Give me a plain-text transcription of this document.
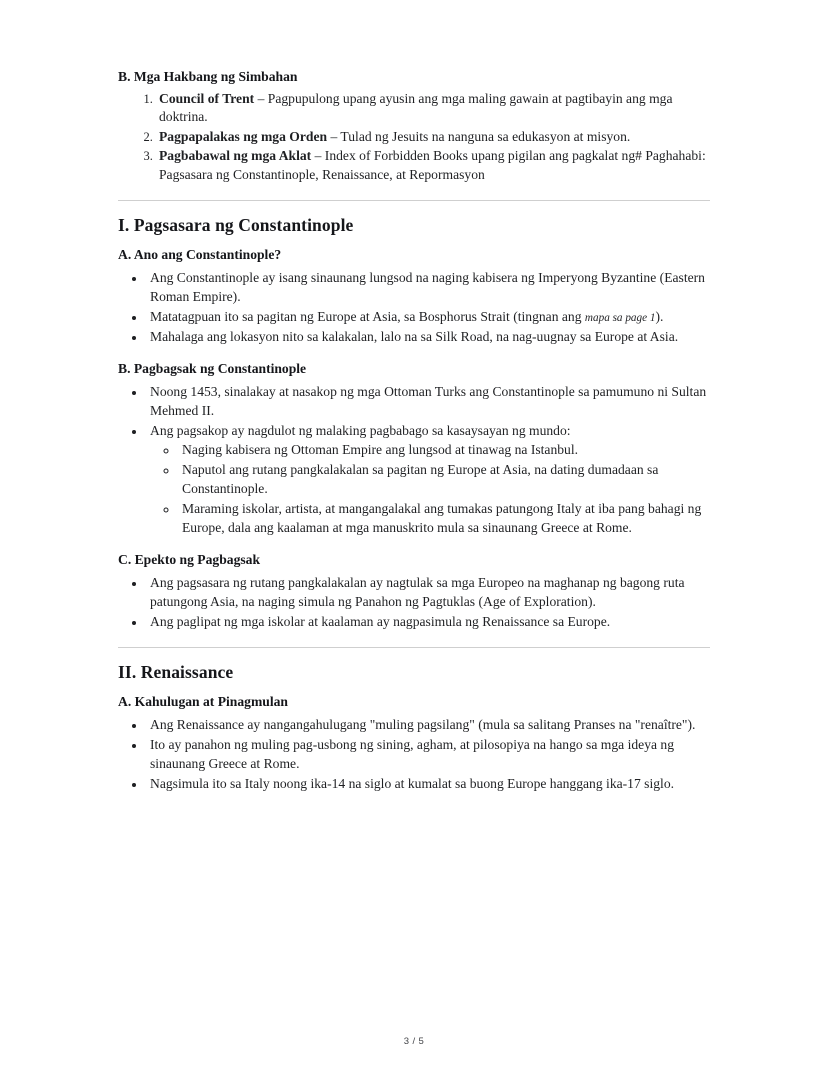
B. Mga Hakbang ng Simbahan
1. Council of Trent – Pagpupulong upang ayusin ang mga maling gawain at pagtibayin ang mga doktrina.
2. Pagpapalakas ng mga Orden – Tulad ng Jesuits na nanguna sa edukasyon at misyon.
3. Pagbabawal ng mga Aklat – Index of Forbidden Books upang pigilan ang pagkalat ng# Paghahabi: Pagsasara ng Constantinople, Renaissance, at Repormasyon
I. Pagsasara ng Constantinople
A. Ano ang Constantinople?
• Ang Constantinople ay isang sinaunang lungsod na naging kabisera ng Imperyong Byzantine (Eastern Roman Empire).
• Matatagpuan ito sa pagitan ng Europe at Asia, sa Bosphorus Strait (tingnan ang mapa sa page 1).
• Mahalaga ang lokasyon nito sa kalakalan, lalo na sa Silk Road, na nag-uugnay sa Europe at Asia.
B. Pagbagsak ng Constantinople
• Noong 1453, sinalakay at nasakop ng mga Ottoman Turks ang Constantinople sa pamumuno ni Sultan Mehmed II.
• Ang pagsakop ay nagdulot ng malaking pagbabago sa kasaysayan ng mundo:
◦ Naging kabisera ng Ottoman Empire ang lungsod at tinawag na Istanbul.
◦ Naputol ang rutang pangkalakalan sa pagitan ng Europe at Asia, na dating dumadaan sa Constantinople.
◦ Maraming iskolar, artista, at mangangalakal ang tumakas patungong Italy at iba pang bahagi ng Europe, dala ang kaalaman at mga manuskrito mula sa sinaunang Greece at Rome.
C. Epekto ng Pagbagsak
• Ang pagsasara ng rutang pangkalakalan ay nagtulak sa mga Europeo na maghanap ng bagong ruta patungong Asia, na naging simula ng Panahon ng Pagtuklas (Age of Exploration).
• Ang paglipat ng mga iskolar at kaalaman ay nagpasimula ng Renaissance sa Europe.
II. Renaissance
A. Kahulugan at Pinagmulan
• Ang Renaissance ay nangangahulugang "muling pagsilang" (mula sa salitang Pranses na "renaître").
• Ito ay panahon ng muling pag-usbong ng sining, agham, at pilosopiya na hango sa mga ideya ng sinaunang Greece at Rome.
• Nagsimula ito sa Italy noong ika-14 na siglo at kumalat sa buong Europe hanggang ika-17 siglo.
3 / 5
